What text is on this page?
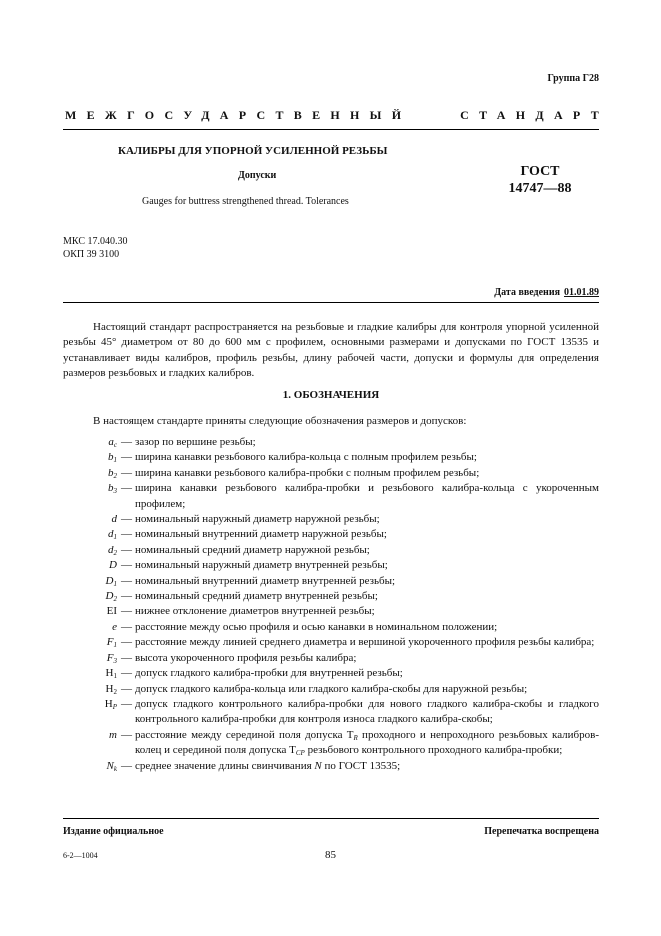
Группа Г28
МЕЖГОСУДАРСТВЕННЫЙ	СТАНДАРТ
КАЛИБРЫ ДЛЯ УПОРНОЙ УСИЛЕННОЙ РЕЗЬБЫ
Допуски	ГОСТ
14747—88
Gauges for buttress strengthened thread. Tolerances
МКС 17.040.30
ОКП 39 3100
Дата введения 01.01.89
Настоящий стандарт распространяется на резьбовые и гладкие калибры для контроля упорной усиленной резьбы 45° диаметром от 80 до 600 мм с профилем, основными размерами и допусками по ГОСТ 13535 и устанавливает виды калибров, профиль резьбы, длину рабочей части, допуски и формулы для определения размеров резьбовых и гладких калибров.
1. ОБОЗНАЧЕНИЯ
В настоящем стандарте приняты следующие обозначения размеров и допусков:
$a_c$ — зазор по вершине резьбы;
$b_1$ — ширина канавки резьбового калибра-кольца с полным профилем резьбы;
$b_2$ — ширина канавки резьбового калибра-пробки с полным профилем резьбы;
$b_3$ — ширина канавки резьбового калибра-пробки и резьбового калибра-кольца с укороченным профилем;
d — номинальный наружный диаметр наружной резьбы;
$d_1$ — номинальный внутренний диаметр наружной резьбы;
$d_2$ — номинальный средний диаметр наружной резьбы;
D — номинальный наружный диаметр внутренней резьбы;
$D_1$ — номинальный внутренний диаметр внутренней резьбы;
$D_2$ — номинальный средний диаметр внутренней резьбы;
EI — нижнее отклонение диаметров внутренней резьбы;
e — расстояние между осью профиля и осью канавки в номинальном положении;
$F_1$ — расстояние между линией среднего диаметра и вершиной укороченного профиля резьбы калибра;
$F_3$ — высота укороченного профиля резьбы калибра;
$H_1$ — допуск гладкого калибра-пробки для внутренней резьбы;
$H_2$ — допуск гладкого калибра-кольца или гладкого калибра-скобы для наружной резьбы;
$H_P$ — допуск гладкого контрольного калибра-пробки для нового гладкого калибра-скобы и гладкого контрольного калибра-пробки для контроля износа гладкого калибра-скобы;
m — расстояние между серединой поля допуска $T_R$ проходного и непроходного резьбовых калибров-колец и серединой поля допуска $T_{CP}$ резьбового контрольного проходного калибра-пробки;
$N_k$ — среднее значение длины свинчивания N по ГОСТ 13535;
Издание официальное	Перепечатка воспрещена
6-2—1004	85
